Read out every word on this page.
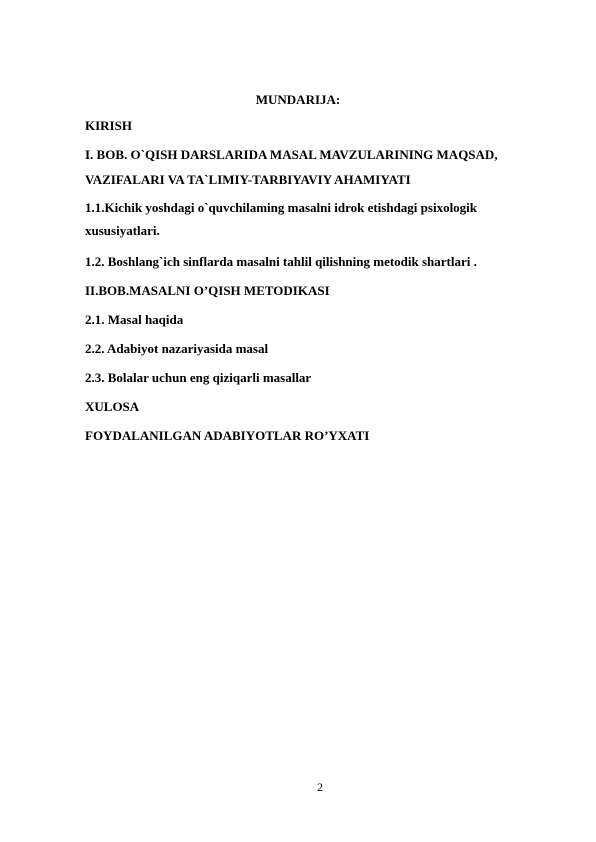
MUNDARIJA:
KIRISH
I. BOB. O`QISH DARSLARIDA MASAL MAVZULARINING MAQSAD,
VAZIFALARI VA TA`LIMIY-TARBIYAVIY AHAMIYATI
1.1.Kichik yoshdagi o`quvchilaming masalni idrok etishdagi psixologik
xususiyatlari.
1.2. Boshlang`ich sinflarda masalni tahlil qilishning metodik shartlari .
II.BOB.MASALNI O’QISH METODIKASI
2.1. Masal haqida
2.2. Adabiyot nazariyasida masal
2.3. Bolalar uchun eng qiziqarli masallar
XULOSA
FOYDALANILGAN ADABIYOTLAR RO’YXATI
2
